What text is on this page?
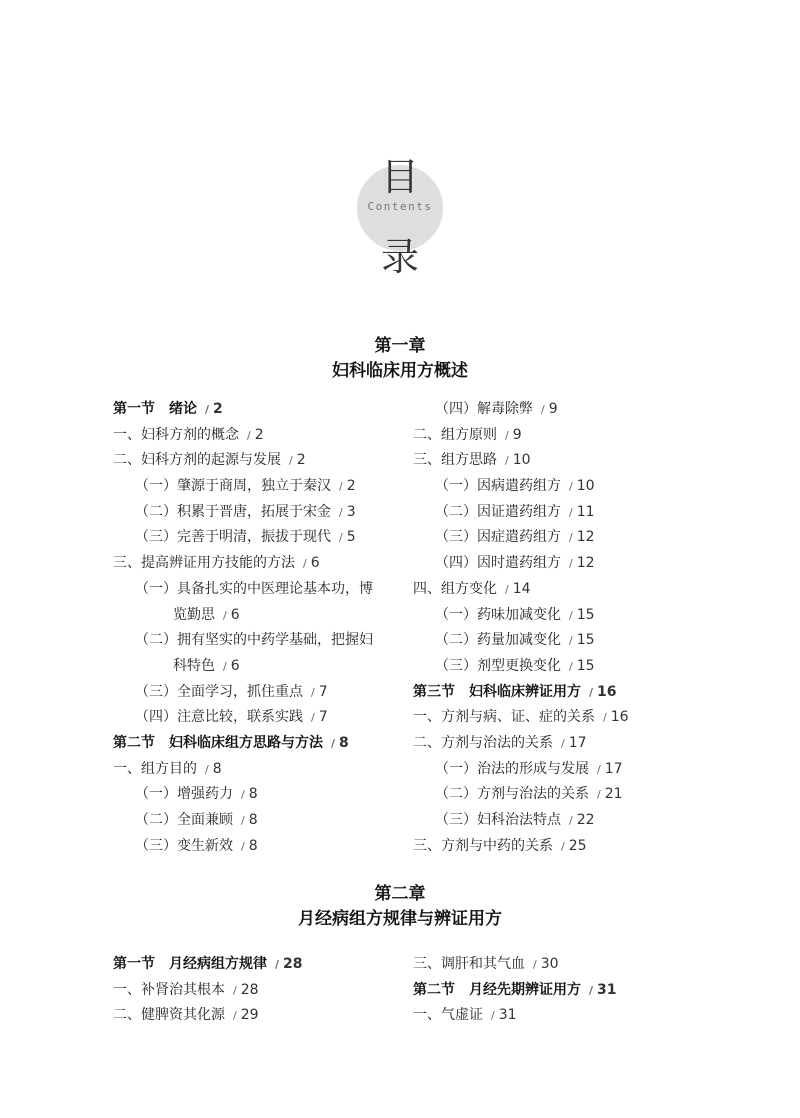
目
Contents
录
第一章
妇科临床用方概述
第一节　绪论 / 2
一、妇科方剂的概念 / 2
二、妇科方剂的起源与发展 / 2
（一）肇源于商周，独立于秦汉 / 2
（二）积累于晋唐，拓展于宋金 / 3
（三）完善于明清，振拔于现代 / 5
三、提高辨证用方技能的方法 / 6
（一）具备扎实的中医理论基本功，博
览勤思 / 6
（二）拥有坚实的中药学基础，把握妇
科特色 / 6
（三）全面学习，抓住重点 / 7
（四）注意比较，联系实践 / 7
第二节　妇科临床组方思路与方法 / 8
一、组方目的 / 8
（一）增强药力 / 8
（二）全面兼顾 / 8
（三）变生新效 / 8
（四）解毒除弊 / 9
二、组方原则 / 9
三、组方思路 / 10
（一）因病遣药组方 / 10
（二）因证遣药组方 / 11
（三）因症遣药组方 / 12
（四）因时遣药组方 / 12
四、组方变化 / 14
（一）药味加减变化 / 15
（二）药量加减变化 / 15
（三）剂型更换变化 / 15
第三节　妇科临床辨证用方 / 16
一、方剂与病、证、症的关系 / 16
二、方剂与治法的关系 / 17
（一）治法的形成与发展 / 17
（二）方剂与治法的关系 / 21
（三）妇科治法特点 / 22
三、方剂与中药的关系 / 25
第二章
月经病组方规律与辨证用方
第一节　月经病组方规律 / 28
一、补肾治其根本 / 28
二、健脾资其化源 / 29
三、调肝和其气血 / 30
第二节　月经先期辨证用方 / 31
一、气虚证 / 31
